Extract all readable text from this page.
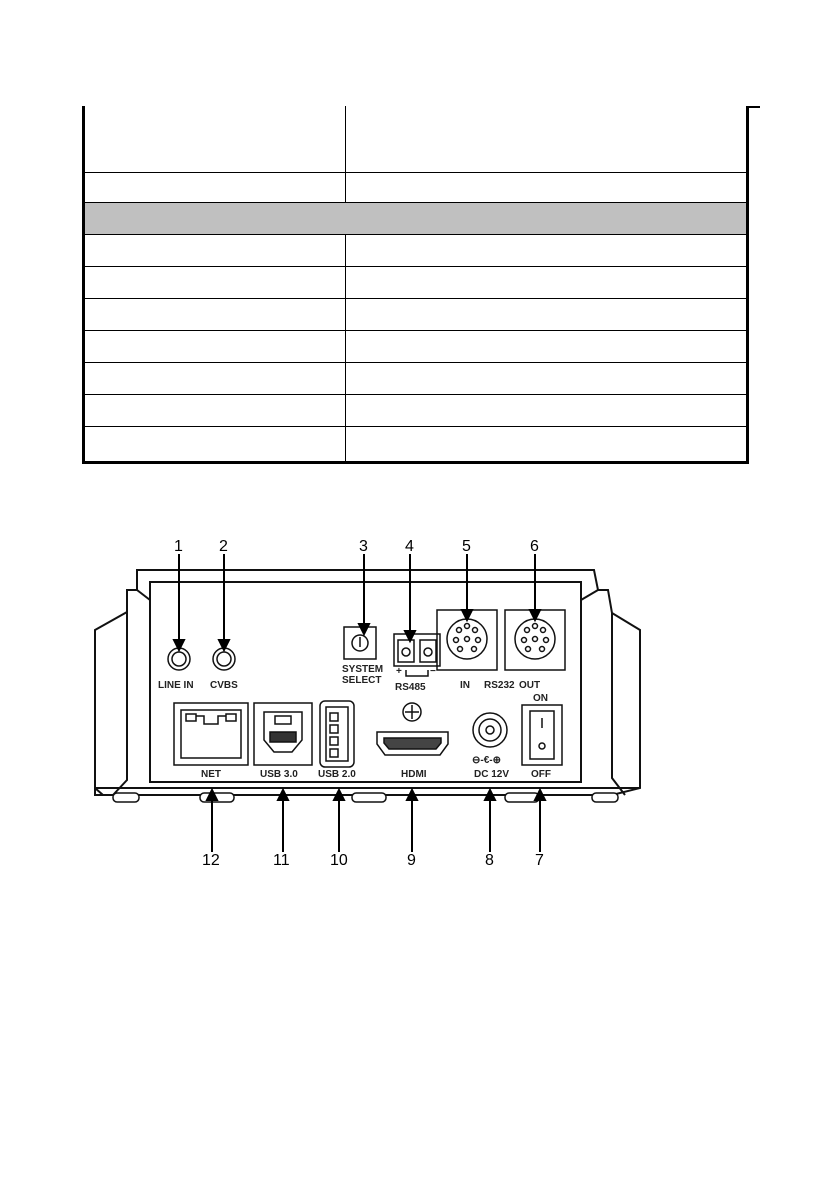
LINE IN CVBS
SYSTEM
SELECT
+	−
RS485	IN RS232 OUT
ON
OFF
NET	USB 3.0 USB 2.0	HDMI
⊖-€-⊕
DC 12V
1 2	3 4	5	6
12	11	10	9	8	7
